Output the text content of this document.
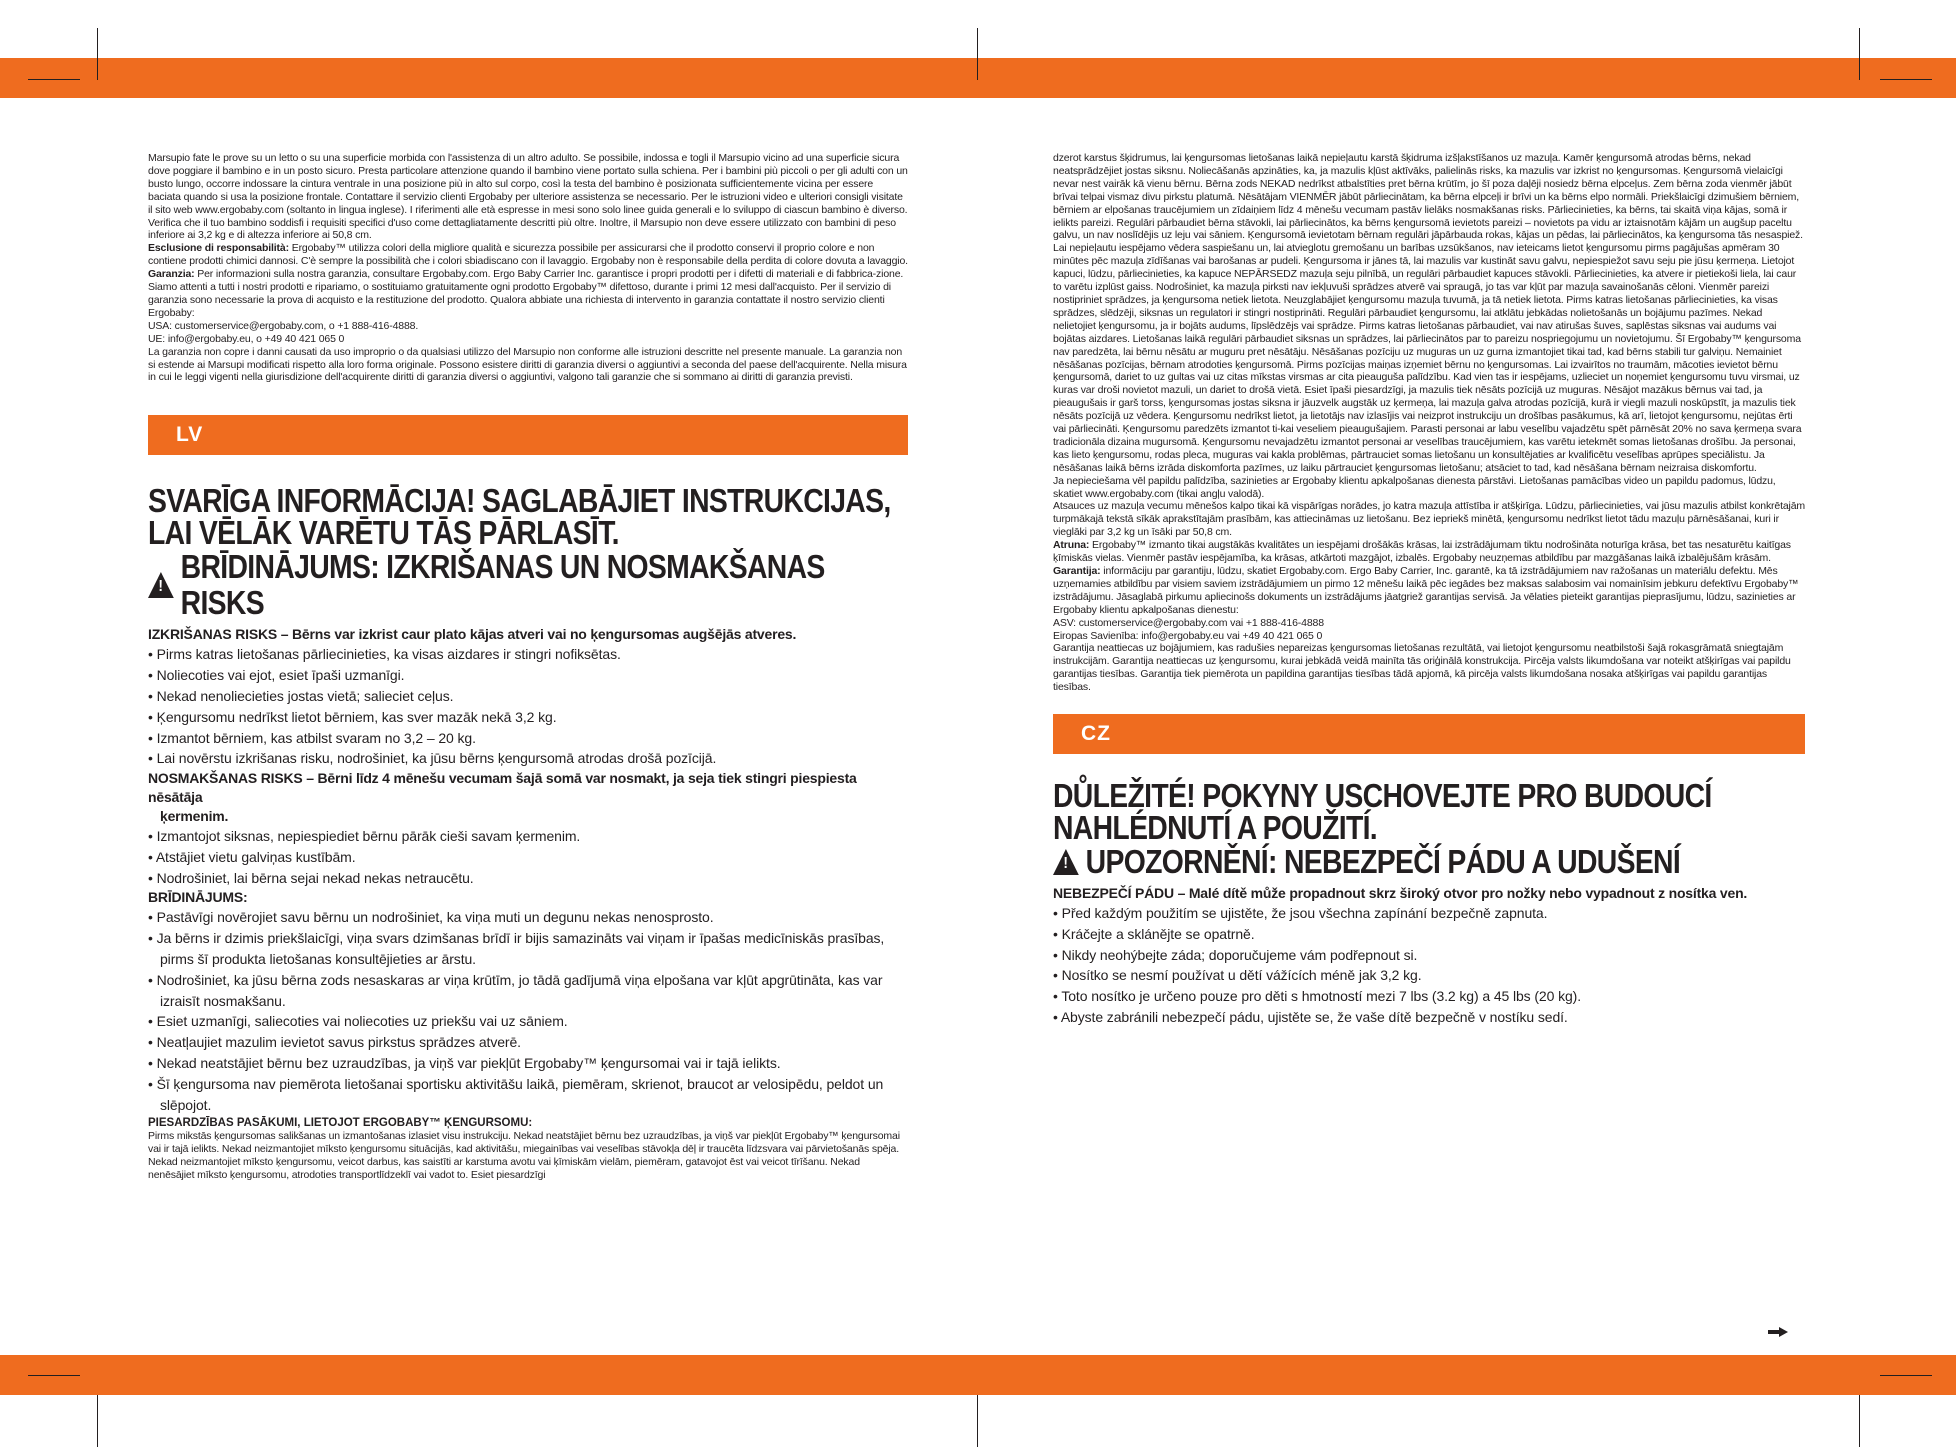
Marsupio fate le prove su un letto o su una superficie morbida con l'assistenza di un altro adulto. Se possibile, indossa e togli il Marsupio vicino ad una superficie sicura dove poggiare il bambino e in un posto sicuro. Presta particolare attenzione quando il bambino viene portato sulla schiena. Per i bambini più piccoli o per gli adulti con un busto lungo, occorre indossare la cintura ventrale in una posizione più in alto sul corpo, così la testa del bambino è posizionata sufficientemente vicina per essere baciata quando si usa la posizione frontale. Contattare il servizio clienti Ergobaby per ulteriore assistenza se necessario. Per le istruzioni video e ulteriori consigli visitate il sito web www.ergobaby.com (soltanto in lingua inglese). I riferimenti alle età espresse in mesi sono solo linee guida generali e lo sviluppo di ciascun bambino è diverso. Verifica che il tuo bambino soddisfi i requisiti specifici d'uso come dettagliatamente descritti più oltre. Inoltre, il Marsupio non deve essere utilizzato con bambini di peso inferiore ai 3,2 kg e di altezza inferiore ai 50,8 cm.

Esclusione di responsabilità: Ergobaby™ utilizza colori della migliore qualità e sicurezza possibile per assicurarsi che il prodotto conservi il proprio colore e non contiene prodotti chimici dannosi. C'è sempre la possibilità che i colori sbiadiscano con il lavaggio. Ergobaby non è responsabile della perdita di colore dovuta a lavaggio.

Garanzia: Per informazioni sulla nostra garanzia, consultare Ergobaby.com. Ergo Baby Carrier Inc. garantisce i propri prodotti per i difetti di materiali e di fabbrica-zione. Siamo attenti a tutti i nostri prodotti e ripariamo, o sostituiamo gratuitamente ogni prodotto Ergobaby™ difettoso, durante i primi 12 mesi dall'acquisto. Per il servizio di garanzia sono necessarie la prova di acquisto e la restituzione del prodotto. Qualora abbiate una richiesta di intervento in garanzia contattate il nostro servizio clienti Ergobaby:

USA: customerservice@ergobaby.com, o +1 888-416-4888.

UE: info@ergobaby.eu, o +49 40 421 065 0

La garanzia non copre i danni causati da uso improprio o da qualsiasi utilizzo del Marsupio non conforme alle istruzioni descritte nel presente manuale. La garanzia non si estende ai Marsupi modificati rispetto alla loro forma originale. Possono esistere diritti di garanzia diversi o aggiuntivi a seconda del paese dell'acquirente. Nella misura in cui le leggi vigenti nella giurisdizione dell'acquirente diritti di garanzia diversi o aggiuntivi, valgono tali garanzie che si sommano ai diritti di garanzia previsti.

LV
SVARĪGA INFORMĀCIJA! SAGLABĀJIET INSTRUKCIJAS, LAI VĒLĀK VARĒTU TĀS PĀRLASĪT.
!
BRĪDINĀJUMS: IZKRIŠANAS UN NOSMAKŠANAS RISKS

IZKRIŠANAS RISKS – Bērns var izkrist caur plato kājas atveri vai no ķengursomas augšējās atveres.

• Pirms katras lietošanas pārliecinieties, ka visas aizdares ir stingri nofiksētas.

• Noliecoties vai ejot, esiet īpaši uzmanīgi.

• Nekad nenoliecieties jostas vietā; salieciet ceļus.

• Ķengursomu nedrīkst lietot bērniem, kas sver mazāk nekā 3,2 kg.

• Izmantot bērniem, kas atbilst svaram no 3,2 – 20 kg.

• Lai novērstu izkrišanas risku, nodrošiniet, ka jūsu bērns ķengursomā atrodas drošā pozīcijā.

NOSMAKŠANAS RISKS – Bērni līdz 4 mēnešu vecumam šajā somā var nosmakt, ja seja tiek stingri piespiesta nēsātāja

ķermenim.

• Izmantojot siksnas, nepiespiediet bērnu pārāk cieši savam ķermenim.

• Atstājiet vietu galviņas kustībām.

• Nodrošiniet, lai bērna sejai nekad nekas netraucētu.

BRĪDINĀJUMS:

• Pastāvīgi novērojiet savu bērnu un nodrošiniet, ka viņa muti un degunu nekas nenosprosto.

• Ja bērns ir dzimis priekšlaicīgi, viņa svars dzimšanas brīdī ir bijis samazināts vai viņam ir īpašas medicīniskās prasības,

pirms šī produkta lietošanas konsultējieties ar ārstu.

• Nodrošiniet, ka jūsu bērna zods nesaskaras ar viņa krūtīm, jo tādā gadījumā viņa elpošana var kļūt apgrūtināta, kas var

izraisīt nosmakšanu.

• Esiet uzmanīgi, saliecoties vai noliecoties uz priekšu vai uz sāniem.

• Neatļaujiet mazulim ievietot savus pirkstus sprādzes atverē.

• Nekad neatstājiet bērnu bez uzraudzības, ja viņš var piekļūt Ergobaby™ ķengursomai vai ir tajā ielikts.

• Šī ķengursoma nav piemērota lietošanai sportisku aktivitāšu laikā, piemēram, skrienot, braucot ar velosipēdu, peldot un

slēpojot.

PIESARDZĪBAS PASĀKUMI, LIETOJOT ERGOBABY™ ĶENGURSOMU:

Pirms mikstās ķengursomas salikšanas un izmantošanas izlasiet visu instrukciju. Nekad neatstājiet bērnu bez uzraudzības, ja viņš var piekļūt Ergobaby™ ķengursomai vai ir tajā ielikts. Nekad neizmantojiet mīksto ķengursomu situācijās, kad aktivitāšu, miegainības vai veselības stāvokļa dēļ ir traucēta līdzsvara vai pārvietošanās spēja. Nekad neizmantojiet mīksto ķengursomu, veicot darbus, kas saistīti ar karstuma avotu vai ķīmiskām vielām, piemēram, gatavojot ēst vai veicot tīrīšanu. Nekad nenēsājiet mīksto ķengursomu, atrodoties transportlīdzeklī vai vadot to. Esiet piesardzīgi

dzerot karstus šķidrumus, lai ķengursomas lietošanas laikā nepieļautu karstā šķidruma izšļakstīšanos uz mazuļa. Kamēr ķengursomā atrodas bērns, nekad neatsprādzējiet jostas siksnu. Noliecāšanās apzināties, ka, ja mazulis kļūst aktīvāks, palielinās risks, ka mazulis var izkrist no ķengursomas. Ķengursomā vielaicīgi nevar nest vairāk kā vienu bērnu. Bērna zods NEKAD nedrīkst atbalstīties pret bērna krūtīm, jo šī poza daļēji nosiedz bērna elpceļus. Zem bērna zoda vienmēr jābūt brīvai telpai vismaz divu pirkstu platumā. Nēsātājam VIENMĒR jābūt pārliecinātam, ka bērna elpceļi ir brīvi un ka bērns elpo normāli. Priekšlaicīgi dzimušiem bērniem, bērniem ar elpošanas traucējumiem un zīdaiņiem līdz 4 mēnešu vecumam pastāv lielāks nosmakšanas risks. Pārliecinieties, ka bērns, tai skaitā viņa kājas, somā ir ielikts pareizi. Regulāri pārbaudiet bērna stāvokli, lai pārliecinātos, ka bērns ķengursomā ievietots pareizi – novietots pa vidu ar iztaisnotām kājām un augšup paceltu galvu, un nav noslīdējis uz leju vai sāniem. Ķengursomā ievietotam bērnam regulāri jāpārbauda rokas, kājas un pēdas, lai pārliecinātos, ka ķengursoma tās nesaspiež. Lai nepieļautu iespējamo vēdera saspiešanu un, lai atvieglotu gremošanu un barības uzsūkšanos, nav ieteicams lietot ķengursomu pirms pagājušas apmēram 30 minūtes pēc mazuļa zīdīšanas vai barošanas ar pudeli. Ķengursoma ir jānes tā, lai mazulis var kustināt savu galvu, nepiespiežot savu seju pie jūsu ķermeņa. Lietojot kapuci, lūdzu, pārliecinieties, ka kapuce NEPĀRSEDZ mazuļa seju pilnībā, un regulāri pārbaudiet kapuces stāvokli. Pārliecinieties, ka atvere ir pietiekoši liela, lai caur to varētu izplūst gaiss. Nodrošiniet, ka mazuļa pirksti nav iekļuvuši sprādzes atverē vai spraugā, jo tas var kļūt par mazuļa savainošanās cēloni. Vienmēr pareizi nostipriniet sprādzes, ja ķengursoma netiek lietota. Neuzglabājiet ķengursomu mazuļa tuvumā, ja tā netiek lietota. Pirms katras lietošanas pārliecinieties, ka visas sprādzes, slēdzēji, siksnas un regulatori ir stingri nostiprināti. Regulāri pārbaudiet ķengursomu, lai atklātu jebkādas nolietošanās un bojājumu pazīmes. Nekad nelietojiet ķengursomu, ja ir bojāts audums, līpslēdzējs vai sprādze. Pirms katras lietošanas pārbaudiet, vai nav atirušas šuves, saplēstas siksnas vai audums vai bojātas aizdares. Lietošanas laikā regulāri pārbaudiet siksnas un sprādzes, lai pārliecinātos par to pareizu nospriegojumu un novietojumu. Šī Ergobaby™ ķengursoma nav paredzēta, lai bērnu nēsātu ar muguru pret nēsātāju. Nēsāšanas pozīciju uz muguras un uz gurna izmantojiet tikai tad, kad bērns stabili tur galviņu. Nemainiet nēsāšanas pozīcijas, bērnam atrodoties ķengursomā. Pirms pozīcijas maiņas izņemiet bērnu no ķengursomas. Lai izvairītos no traumām, mācoties ievietot bērnu ķengursomā, dariet to uz gultas vai uz citas mīkstas virsmas ar cita pieauguša palīdzību. Kad vien tas ir iespējams, uzlieciet un noņemiet ķengursomu tuvu virsmai, uz kuras var droši novietot mazuli, un dariet to drošā vietā. Esiet īpaši piesardzīgi, ja mazulis tiek nēsāts pozīcijā uz muguras. Nēsājot mazākus bērnus vai tad, ja pieaugušais ir garš torss, ķengursomas jostas siksna ir jāuzvelk augstāk uz ķermeņa, lai mazuļa galva atrodas pozīcijā, kurā ir viegli mazuli noskūpstīt, ja mazulis tiek nēsāts pozīcijā uz vēdera. Ķengursomu nedrīkst lietot, ja lietotājs nav izlasījis vai neizprot instrukciju un drošības pasākumus, kā arī, lietojot ķengursomu, nejūtas ērti vai pārliecināti. Ķengursomu paredzēts izmantot ti-kai veseliem pieaugušajiem. Parasti personai ar labu veselību vajadzētu spēt pārnēsāt 20% no sava ķermeņa svara tradicionāla dizaina mugursomā. Ķengursomu nevajadzētu izmantot personai ar veselības traucējumiem, kas varētu ietekmēt somas lietošanas drošību. Ja personai, kas lieto ķengursomu, rodas pleca, muguras vai kakla problēmas, pārtrauciet somas lietošanu un konsultējaties ar kvalificētu veselības aprūpes speciālistu. Ja nēsāšanas laikā bērns izrāda diskomforta pazīmes, uz laiku pārtrauciet ķengursomas lietošanu; atsāciet to tad, kad nēsāšana bērnam neizraisa diskomfortu.

Ja nepieciešama vēl papildu palīdzība, sazinieties ar Ergobaby klientu apkalpošanas dienesta pārstāvi. Lietošanas pamācības video un papildu padomus, lūdzu, skatiet www.ergobaby.com (tikai angļu valodā).

Atsauces uz mazuļa vecumu mēnešos kalpo tikai kā vispārīgas norādes, jo katra mazuļa attīstība ir atšķirīga. Lūdzu, pārliecinieties, vai jūsu mazulis atbilst konkrētajām turpmākajā tekstā sīkāk aprakstītajām prasībām, kas attiecināmas uz lietošanu. Bez iepriekš minētā, ķengursomu nedrīkst lietot tādu mazuļu pārnēsāšanai, kuri ir vieglāki par 3,2 kg un īsāki par 50,8 cm.

Atruna: Ergobaby™ izmanto tikai augstākās kvalitātes un iespējami drošākās krāsas, lai izstrādājumam tiktu nodrošināta noturīga krāsa, bet tas nesaturētu kaitīgas ķīmiskās vielas. Vienmēr pastāv iespējamība, ka krāsas, atkārtoti mazgājot, izbalēs. Ergobaby neuzņemas atbildību par mazgāšanas laikā izbalējušām krāsām.

Garantija: informāciju par garantiju, lūdzu, skatiet Ergobaby.com. Ergo Baby Carrier, Inc. garantē, ka tā izstrādājumiem nav ražošanas un materiālu defektu. Mēs uzņemamies atbildību par visiem saviem izstrādājumiem un pirmo 12 mēnešu laikā pēc iegādes bez maksas salabosim vai nomainīsim jebkuru defektīvu Ergobaby™ izstrādājumu. Jāsaglabā pirkumu apliecinošs dokuments un izstrādājums jāatgriež garantijas servisā. Ja vēlaties pieteikt garantijas pieprasījumu, lūdzu, sazinieties ar Ergobaby klientu apkalpošanas dienestu:

ASV: customerservice@ergobaby.com vai +1 888-416-4888

Eiropas Savienība: info@ergobaby.eu vai +49 40 421 065 0

Garantija neattiecas uz bojājumiem, kas radušies nepareizas ķengursomas lietošanas rezultātā, vai lietojot ķengursomu neatbilstoši šajā rokasgrāmatā sniegtajām instrukcijām. Garantija neattiecas uz ķengursomu, kurai jebkādā veidā mainīta tās oriģinālā konstrukcija. Pircēja valsts likumdošana var noteikt atšķirīgas vai papildu garantijas tiesības. Garantija tiek piemērota un papildina garantijas tiesības tādā apjomā, kā pircēja valsts likumdošana nosaka atšķirīgas vai papildu garantijas tiesības.

CZ
DŮLEŽITÉ! POKYNY USCHOVEJTE PRO BUDOUCÍ NAHLÉDNUTÍ A POUŽITÍ.
!
UPOZORNĚNÍ: NEBEZPEČÍ PÁDU A UDUŠENÍ

NEBEZPEČÍ PÁDU – Malé dítě může propadnout skrz široký otvor pro nožky nebo vypadnout z nosítka ven.

• Před každým použitím se ujistěte, že jsou všechna zapínání bezpečně zapnuta.

• Kráčejte a sklánějte se opatrně.

• Nikdy neohýbejte záda; doporučujeme vám podřepnout si.

• Nosítko se nesmí používat u dětí vážících méně jak 3,2 kg.

• Toto nosítko je určeno pouze pro děti s hmotností mezi 7 lbs (3.2 kg) a 45 lbs (20 kg).

• Abyste zabránili nebezpečí pádu, ujistěte se, že vaše dítě bezpečně v nostíku sedí.
